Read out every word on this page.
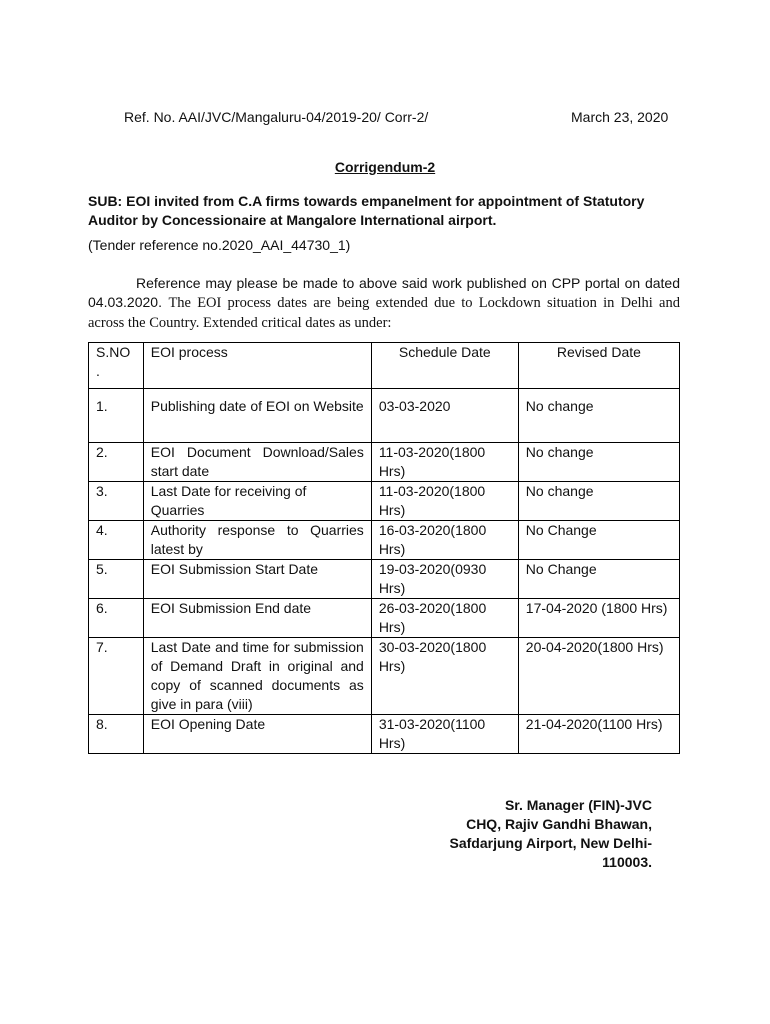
Ref. No. AAI/JVC/Mangaluru-04/2019-20/ Corr-2/	March 23, 2020
Corrigendum-2
SUB: EOI invited from C.A firms towards empanelment for appointment of Statutory Auditor by Concessionaire at Mangalore International airport.
(Tender reference no.2020_AAI_44730_1)
Reference may please be made to above said work published on CPP portal on dated 04.03.2020. The EOI process dates are being extended due to Lockdown situation in Delhi and across the Country. Extended critical dates as under:
S.NO .	EOI process	Schedule Date	Revised Date
1.	Publishing date of EOI on Website	03-03-2020	No change
2.	EOI Document Download/Sales start date	11-03-2020(1800 Hrs)	No change
3.	Last Date for receiving of Quarries	11-03-2020(1800 Hrs)	No change
4.	Authority response to Quarries latest by	16-03-2020(1800 Hrs)	No Change
5.	EOI Submission Start Date	19-03-2020(0930 Hrs)	No Change
6.	EOI Submission End date	26-03-2020(1800 Hrs)	17-04-2020 (1800 Hrs)
7.	Last Date and time for submission of Demand Draft in original and copy of scanned documents as give in para (viii)	30-03-2020(1800 Hrs)	20-04-2020(1800 Hrs)
8.	EOI Opening Date	31-03-2020(1100 Hrs)	21-04-2020(1100 Hrs)
Sr. Manager (FIN)-JVC
CHQ, Rajiv Gandhi Bhawan,
Safdarjung Airport, New Delhi-110003.
